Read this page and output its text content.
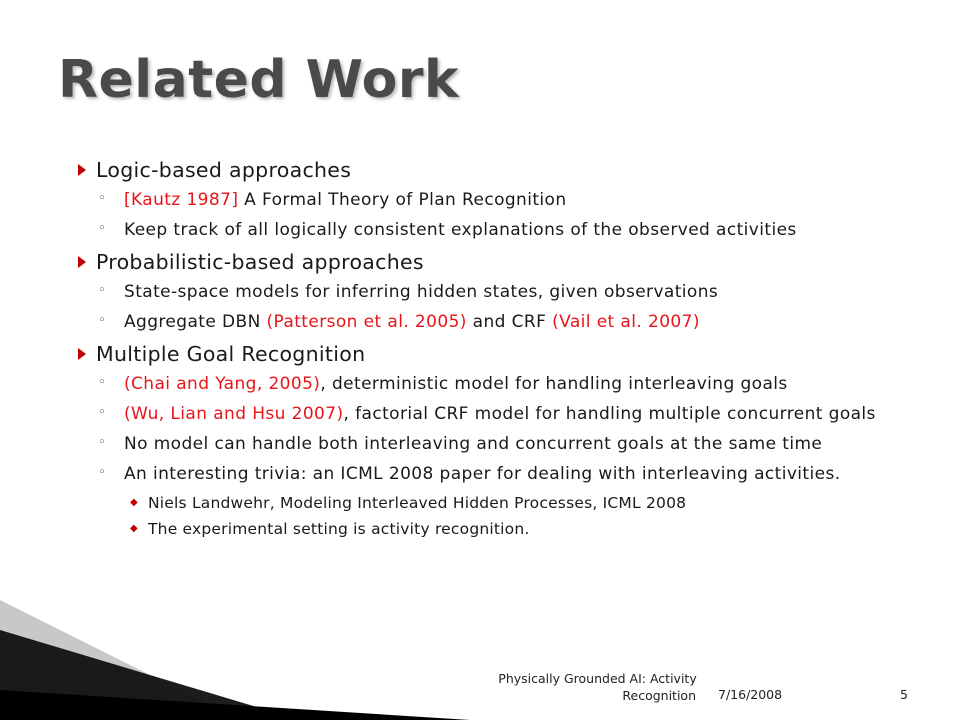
Related Work
Logic-based approaches
◦ [Kautz 1987] A Formal Theory of Plan Recognition
◦ Keep track of all logically consistent explanations of the observed activities
Probabilistic-based approaches
◦ State-space models for inferring hidden states, given observations
◦ Aggregate DBN (Patterson et al. 2005) and CRF (Vail et al. 2007)
Multiple Goal Recognition
◦ (Chai and Yang, 2005), deterministic model for handling interleaving goals
◦ (Wu, Lian and Hsu 2007), factorial CRF model for handling multiple concurrent goals
◦ No model can handle both interleaving and concurrent goals at the same time
◦ An interesting trivia: an ICML 2008 paper for dealing with interleaving activities.
◆ Niels Landwehr, Modeling Interleaved Hidden Processes, ICML 2008
◆ The experimental setting is activity recognition.
Physically Grounded AI: Activity
Recognition	7/16/2008	5
